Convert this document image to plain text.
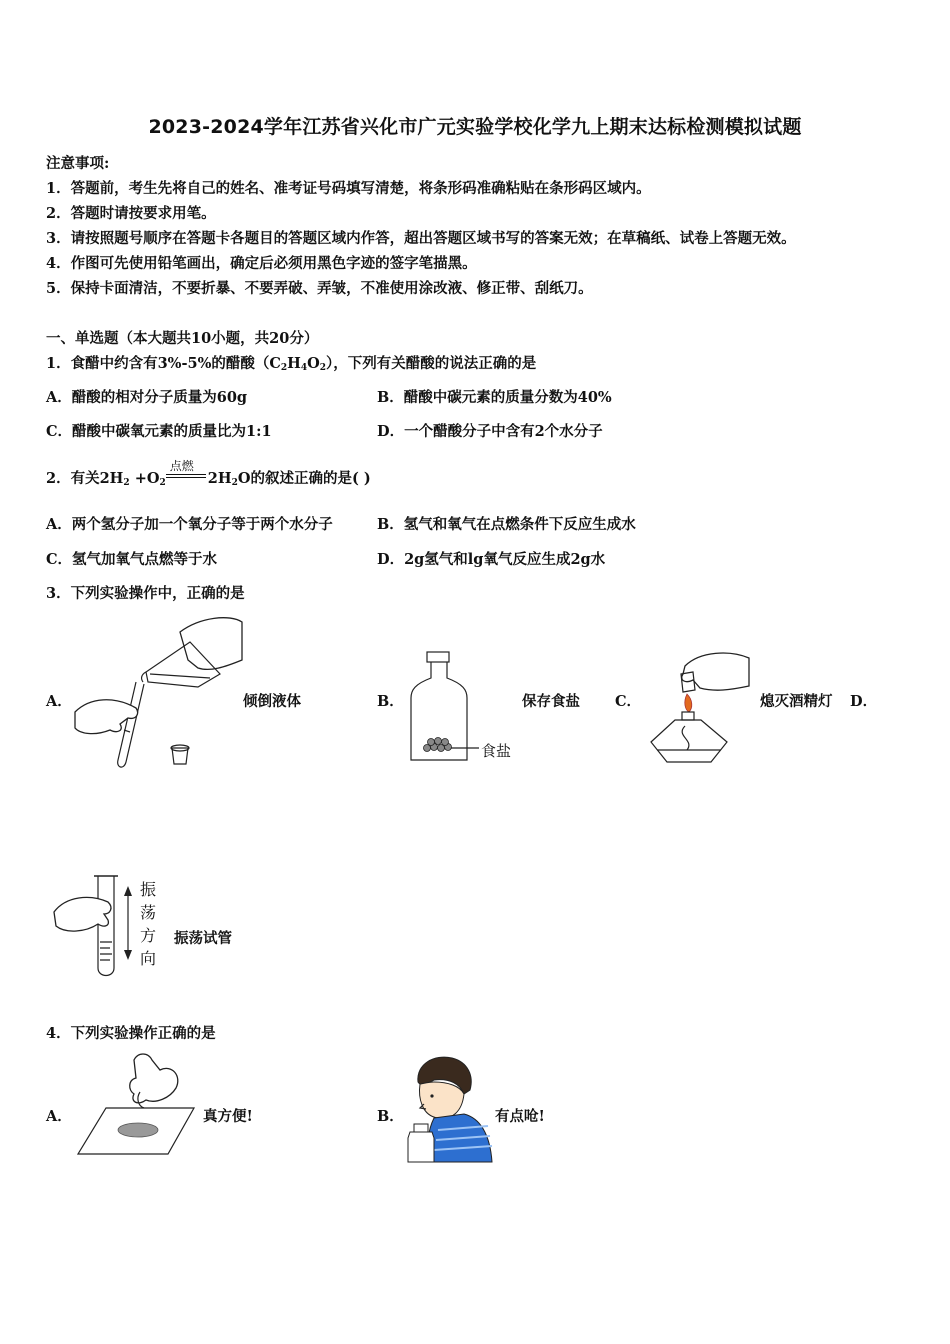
2023-2024学年江苏省兴化市广元实验学校化学九上期末达标检测模拟试题
注意事项:
1．答题前，考生先将自己的姓名、准考证号码填写清楚，将条形码准确粘贴在条形码区域内。
2．答题时请按要求用笔。
3．请按照题号顺序在答题卡各题目的答题区域内作答，超出答题区域书写的答案无效；在草稿纸、试卷上答题无效。
4．作图可先使用铅笔画出，确定后必须用黑色字迹的签字笔描黑。
5．保持卡面清洁，不要折暴、不要弄破、弄皱，不准使用涂改液、修正带、刮纸刀。
一、单选题（本大题共10小题，共20分）
1．食醋中约含有3%-5%的醋酸$(C_2H_4O_2)$，下列有关醋酸的说法正确的是
A．醋酸的相对分子质量为60g	B．醋酸中碳元素的质量分数为40%
C．醋酸中碳氧元素的质量比为1:1	D．一个醋酸分子中含有2个水分子
2．有关$2H_2 +O_2$
点燃
$2H_2O$的叙述正确的是( )
A．两个氢分子加一个氧分子等于两个水分子	B．氢气和氧气在点燃条件下反应生成水
C．氢气加氧气点燃等于水	D．2g氢气和lg氧气反应生成2g水
3．下列实验操作中，正确的是
A．	倾倒液体	B．
食盐
保存食盐 C．	熄灭酒精灯 D．
振
荡
方
向
振荡试管
4．下列实验操作正确的是
A．	真方便!	B．	有点呛!
